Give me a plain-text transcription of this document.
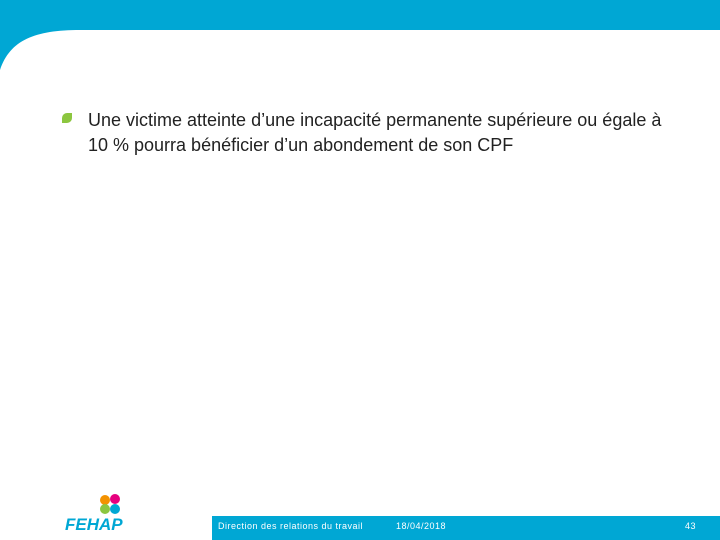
Une victime atteinte d’une incapacité permanente supérieure ou égale à 10 % pourra bénéficier d’un abondement de son CPF
FEHAP	Direction des relations du travail	18/04/2018	43
